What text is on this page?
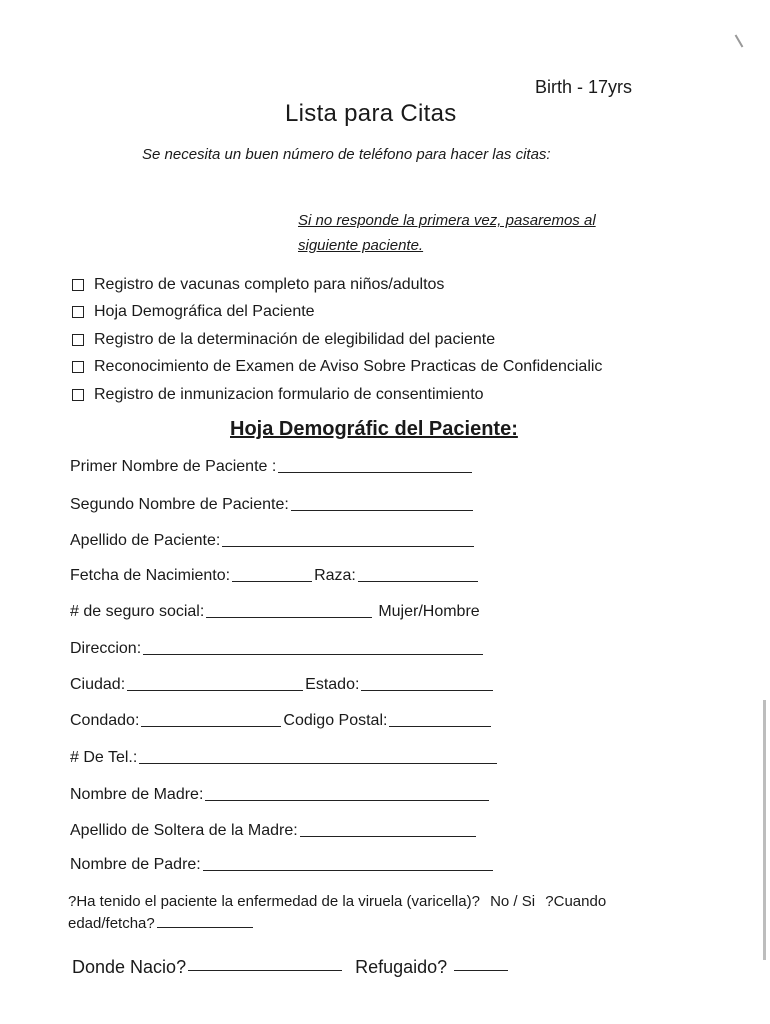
Birth - 17yrs
Lista para Citas
Se necesita un buen número de teléfono para hacer las citas:
Si no responde la primera vez, pasaremos al
siguiente paciente.
Registro de vacunas completo para niños/adultos
Hoja Demográfica del Paciente
Registro de la determinación de elegibilidad del paciente
Reconocimiento de Examen de Aviso Sobre Practicas de Confidencialic
Registro de inmunizacion formulario de consentimiento
Hoja Demográfic del Paciente:
Primer Nombre de Paciente :
Segundo Nombre de Paciente:
Apellido de Paciente:
Fetcha de Nacimiento:	Raza:
# de seguro social:	Mujer/Hombre
Direccion:
Ciudad:	Estado:
Condado:	Codigo Postal:
# De Tel.:
Nombre de Madre:
Apellido de Soltera de la Madre:
Nombre de Padre:
?Ha tenido el paciente la enfermedad de la viruela (varicella)? No / Si ?Cuando
edad/fetcha?
Donde Nacio?	Refugaido?
